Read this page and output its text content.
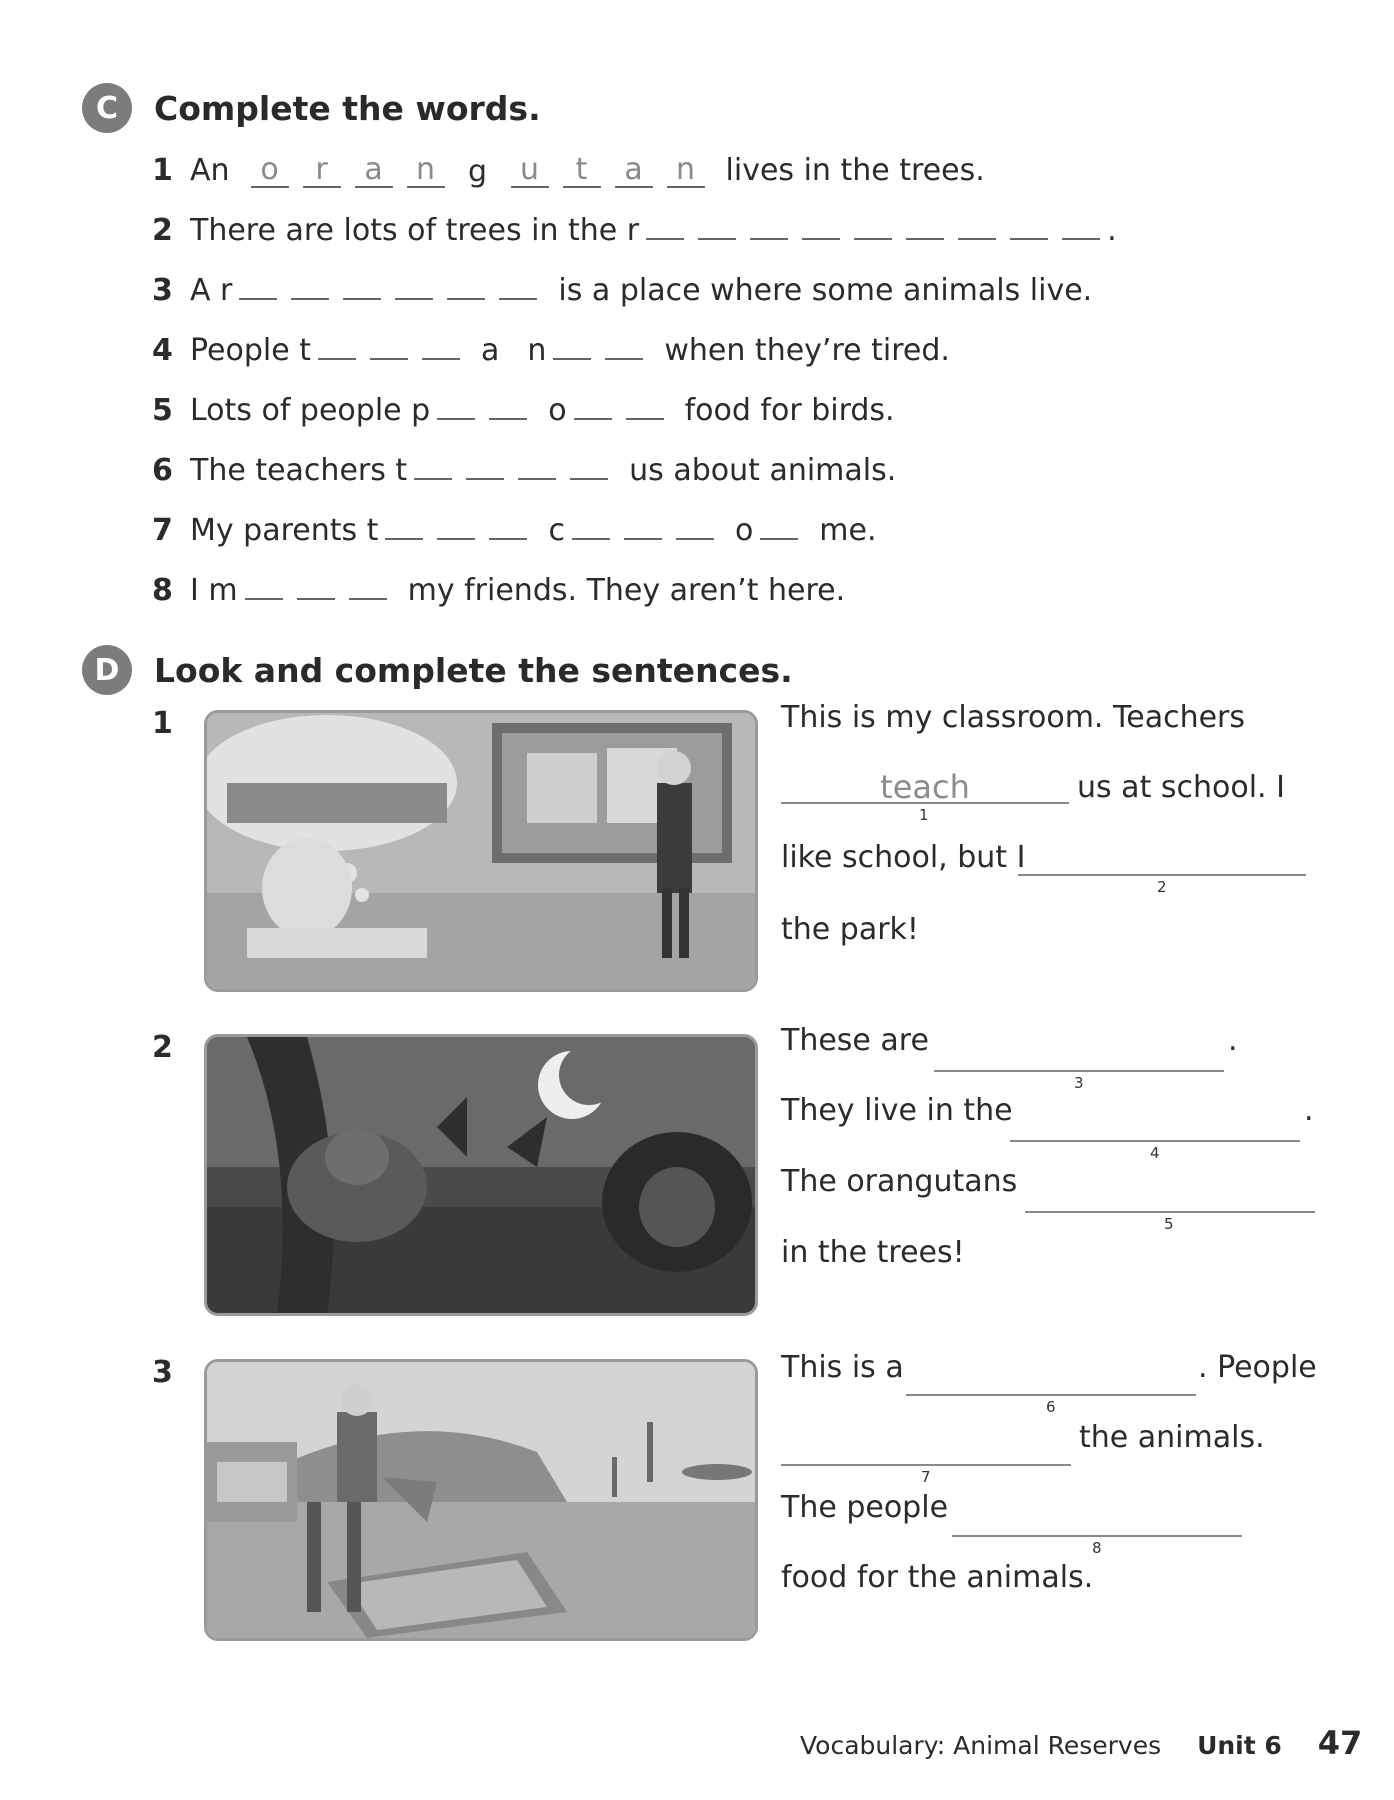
C	Complete the words.
1 An	o	r	a	n	g	u	t	a	n	lives in the trees.
2 There are lots of trees in the r	.
3 A r	is a place where some animals live.
4 People t	a n	when they’re tired.
5 Lots of people p	o	food for birds.
6 The teachers t	us about animals.
7 My parents t	c	o me.
8 I m	my friends. They aren’t here.
D	Look and complete the sentences.
1	This is my classroom. Teachers
teach
1
us at school. I
like school, but I
2
the park!
2	These are
3
.
They live in the
4
.
The orangutans
5
in the trees!
3	This is a
6
. People
7
the animals.
The people
8
food for the animals.
Vocabulary: Animal Reserves Unit 6 47
